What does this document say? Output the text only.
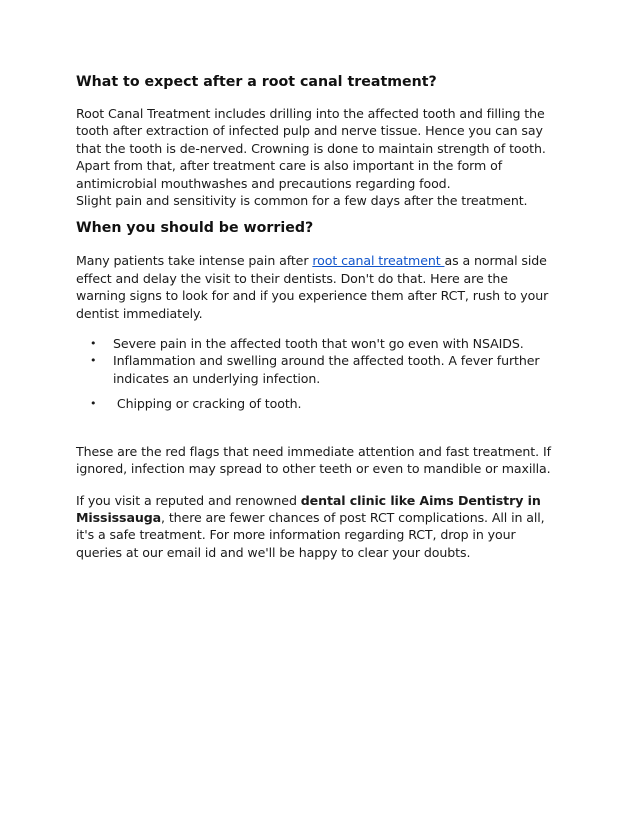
What to expect after a root canal treatment?

Root Canal Treatment includes drilling into the affected tooth and filling the
tooth after extraction of infected pulp and nerve tissue. Hence you can say
that the tooth is de-nerved. Crowning is done to maintain strength of tooth.
Apart from that, after treatment care is also important in the form of
antimicrobial mouthwashes and precautions regarding food.
Slight pain and sensitivity is common for a few days after the treatment.

When you should be worried?

Many patients take intense pain after root canal treatment as a normal side
effect and delay the visit to their dentists. Don't do that. Here are the
warning signs to look for and if you experience them after RCT, rush to your
dentist immediately.

• Severe pain in the affected tooth that won't go even with NSAIDS.
• Inflammation and swelling around the affected tooth. A fever further
indicates an underlying infection.
• Chipping or cracking of tooth.

These are the red flags that need immediate attention and fast treatment. If
ignored, infection may spread to other teeth or even to mandible or maxilla.

If you visit a reputed and renowned dental clinic like Aims Dentistry in
Mississauga, there are fewer chances of post RCT complications. All in all,
it's a safe treatment. For more information regarding RCT, drop in your
queries at our email id and we'll be happy to clear your doubts.
